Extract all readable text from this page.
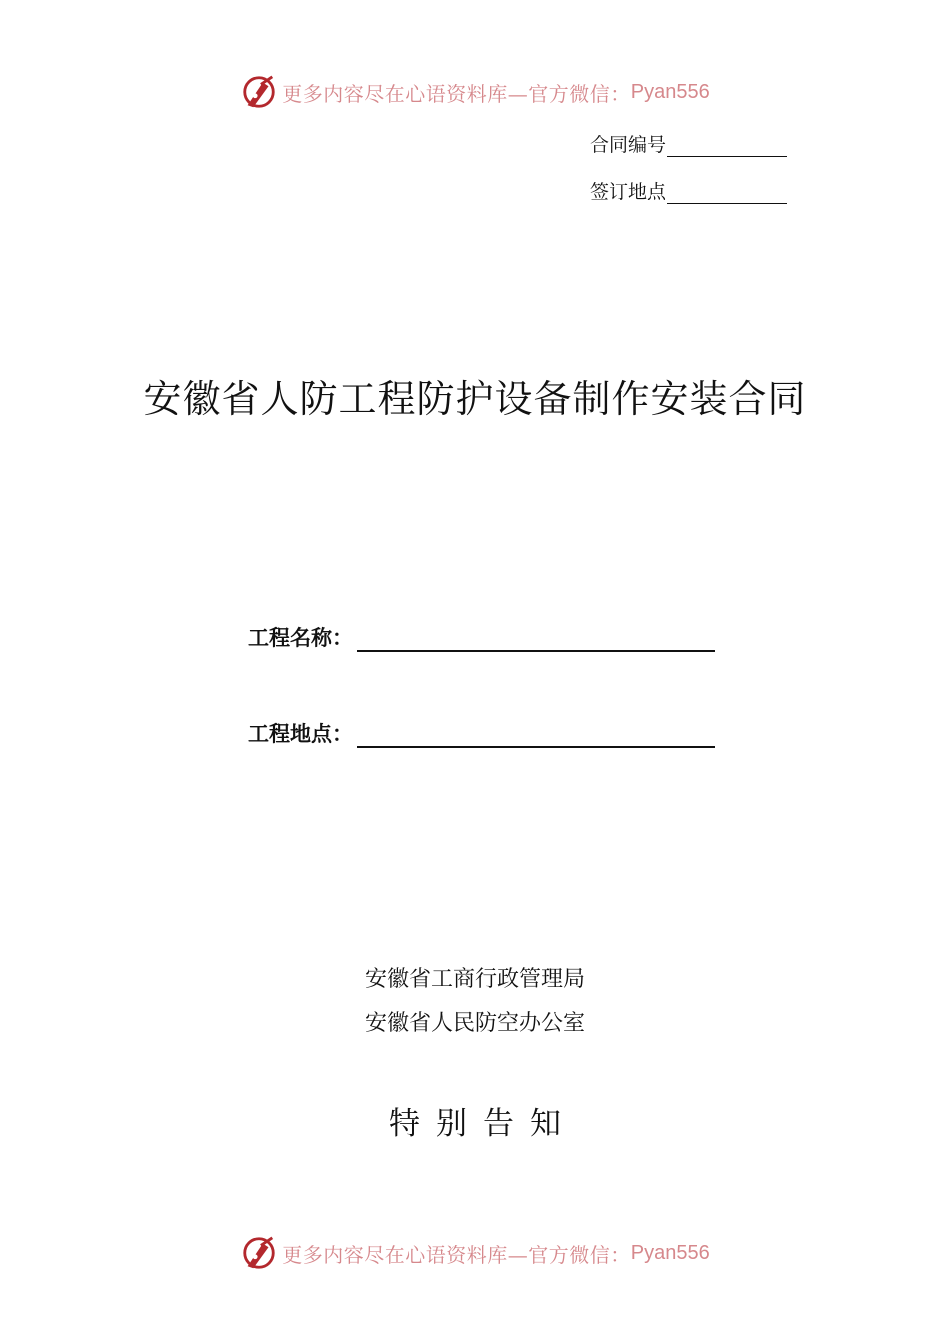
更多内容尽在心语资料库—官方微信： Pyan556
合同编号
签订地点
安徽省人防工程防护设备制作安装合同
工程名称：
工程地点：
安徽省工商行政管理局
安徽省人民防空办公室
特别告知
更多内容尽在心语资料库—官方微信： Pyan556
